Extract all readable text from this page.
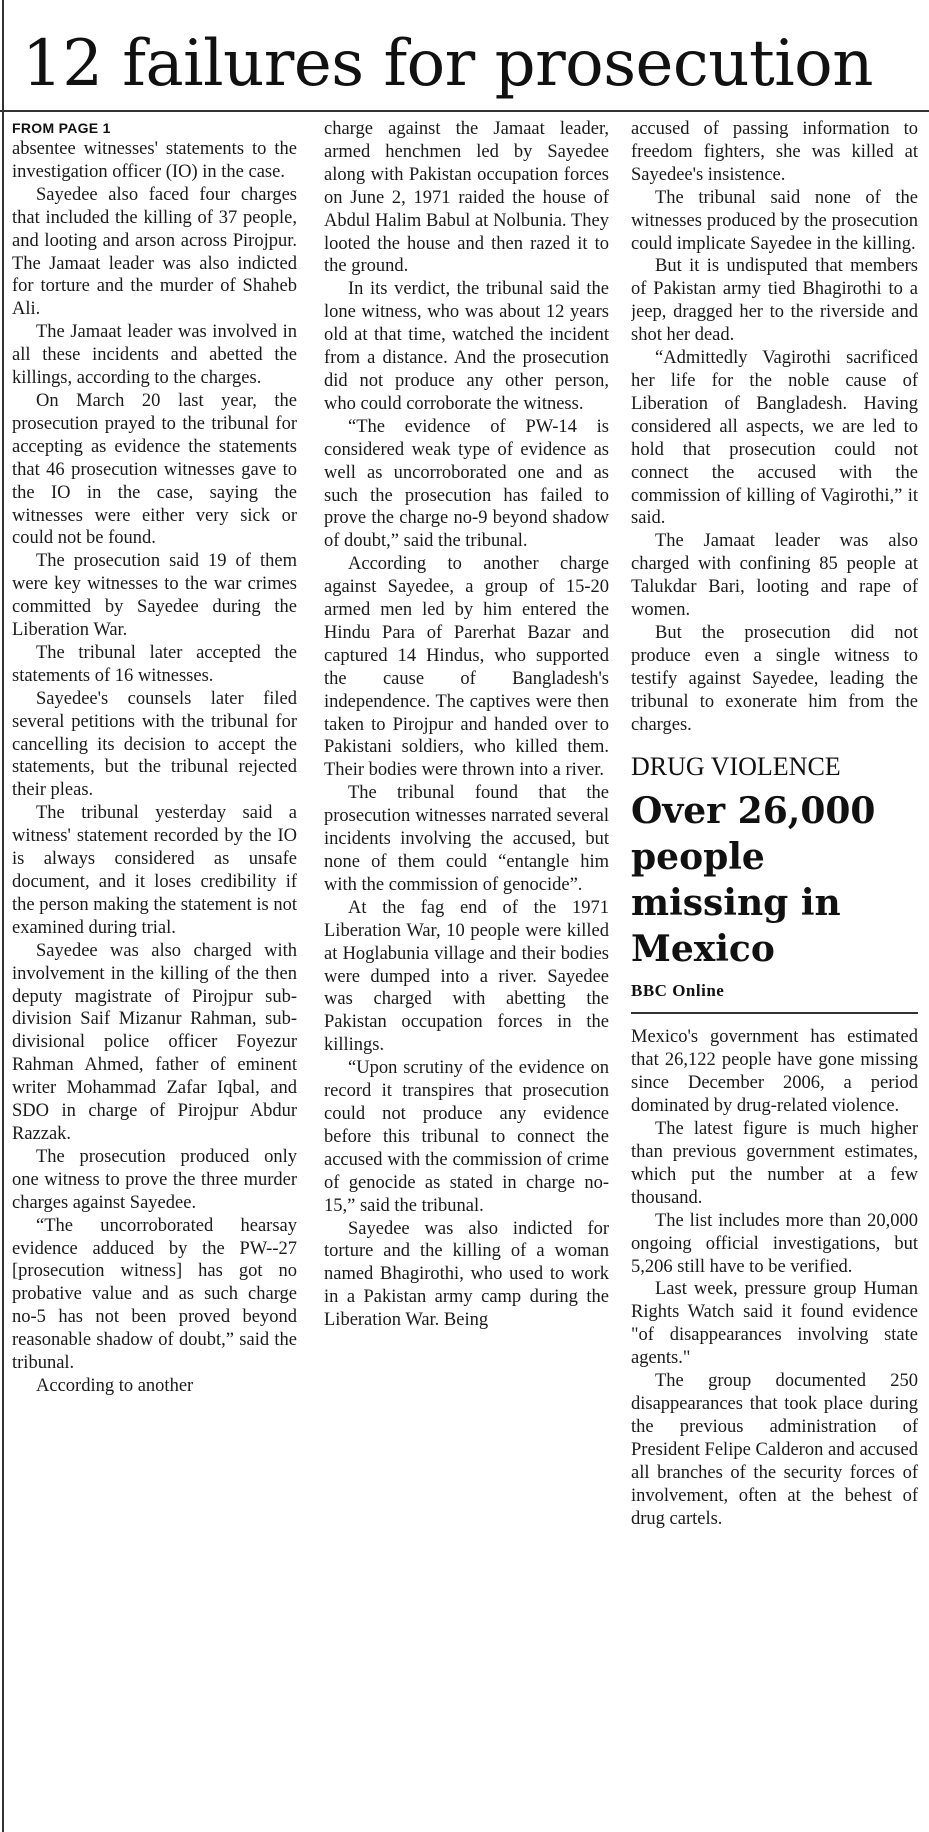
12 failures for prosecution
FROM PAGE 1

absentee witnesses' statements to the investigation officer (IO) in the case.

Sayedee also faced four charges that included the killing of 37 people, and looting and arson across Pirojpur. The Jamaat leader was also indicted for torture and the murder of Shaheb Ali.

The Jamaat leader was involved in all these incidents and abetted the killings, according to the charges.

On March 20 last year, the prosecution prayed to the tribunal for accepting as evidence the statements that 46 prosecution witnesses gave to the IO in the case, saying the witnesses were either very sick or could not be found.

The prosecution said 19 of them were key witnesses to the war crimes committed by Sayedee during the Liberation War.

The tribunal later accepted the statements of 16 witnesses.

Sayedee's counsels later filed several petitions with the tribunal for cancelling its decision to accept the statements, but the tribunal rejected their pleas.

The tribunal yesterday said a witness' statement recorded by the IO is always considered as unsafe document, and it loses credibility if the person making the statement is not examined during trial.

Sayedee was also charged with involvement in the killing of the then deputy magistrate of Pirojpur sub-division Saif Mizanur Rahman, sub-divisional police officer Foyezur Rahman Ahmed, father of eminent writer Mohammad Zafar Iqbal, and SDO in charge of Pirojpur Abdur Razzak.

The prosecution produced only one witness to prove the three murder charges against Sayedee.

“The uncorroborated hearsay evidence adduced by the PW--27 [prosecution witness] has got no probative value and as such charge no-5 has not been proved beyond reasonable shadow of doubt,” said the tribunal.

According to another

charge against the Jamaat leader, armed henchmen led by Sayedee along with Pakistan occupation forces on June 2, 1971 raided the house of Abdul Halim Babul at Nolbunia. They looted the house and then razed it to the ground.

In its verdict, the tribunal said the lone witness, who was about 12 years old at that time, watched the incident from a distance. And the prosecution did not produce any other person, who could corroborate the witness.

“The evidence of PW-14 is considered weak type of evidence as well as uncorroborated one and as such the prosecution has failed to prove the charge no-9 beyond shadow of doubt,” said the tribunal.

According to another charge against Sayedee, a group of 15-20 armed men led by him entered the Hindu Para of Parerhat Bazar and captured 14 Hindus, who supported the cause of Bangladesh's independence. The captives were then taken to Pirojpur and handed over to Pakistani soldiers, who killed them. Their bodies were thrown into a river.

The tribunal found that the prosecution witnesses narrated several incidents involving the accused, but none of them could “entangle him with the commission of genocide”.

At the fag end of the 1971 Liberation War, 10 people were killed at Hoglabunia village and their bodies were dumped into a river. Sayedee was charged with abetting the Pakistan occupation forces in the killings.

“Upon scrutiny of the evidence on record it transpires that prosecution could not produce any evidence before this tribunal to connect the accused with the commission of crime of genocide as stated in charge no-15,” said the tribunal.

Sayedee was also indicted for torture and the killing of a woman named Bhagirothi, who used to work in a Pakistan army camp during the Liberation War. Being

accused of passing information to freedom fighters, she was killed at Sayedee's insistence.

The tribunal said none of the witnesses produced by the prosecution could implicate Sayedee in the killing.

But it is undisputed that members of Pakistan army tied Bhagirothi to a jeep, dragged her to the riverside and shot her dead.

“Admittedly Vagirothi sacrificed her life for the noble cause of Liberation of Bangladesh. Having considered all aspects, we are led to hold that prosecution could not connect the accused with the commission of killing of Vagirothi,” it said.

The Jamaat leader was also charged with confining 85 people at Talukdar Bari, looting and rape of women.

But the prosecution did not produce even a single witness to testify against Sayedee, leading the tribunal to exonerate him from the charges.

DRUG VIOLENCE
Over 26,000 people missing in Mexico
BBC Online

Mexico's government has estimated that 26,122 people have gone missing since December 2006, a period dominated by drug-related violence.

The latest figure is much higher than previous government estimates, which put the number at a few thousand.

The list includes more than 20,000 ongoing official investigations, but 5,206 still have to be verified.

Last week, pressure group Human Rights Watch said it found evidence "of disappearances involving state agents."

The group documented 250 disappearances that took place during the previous administration of President Felipe Calderon and accused all branches of the security forces of involvement, often at the behest of drug cartels.
